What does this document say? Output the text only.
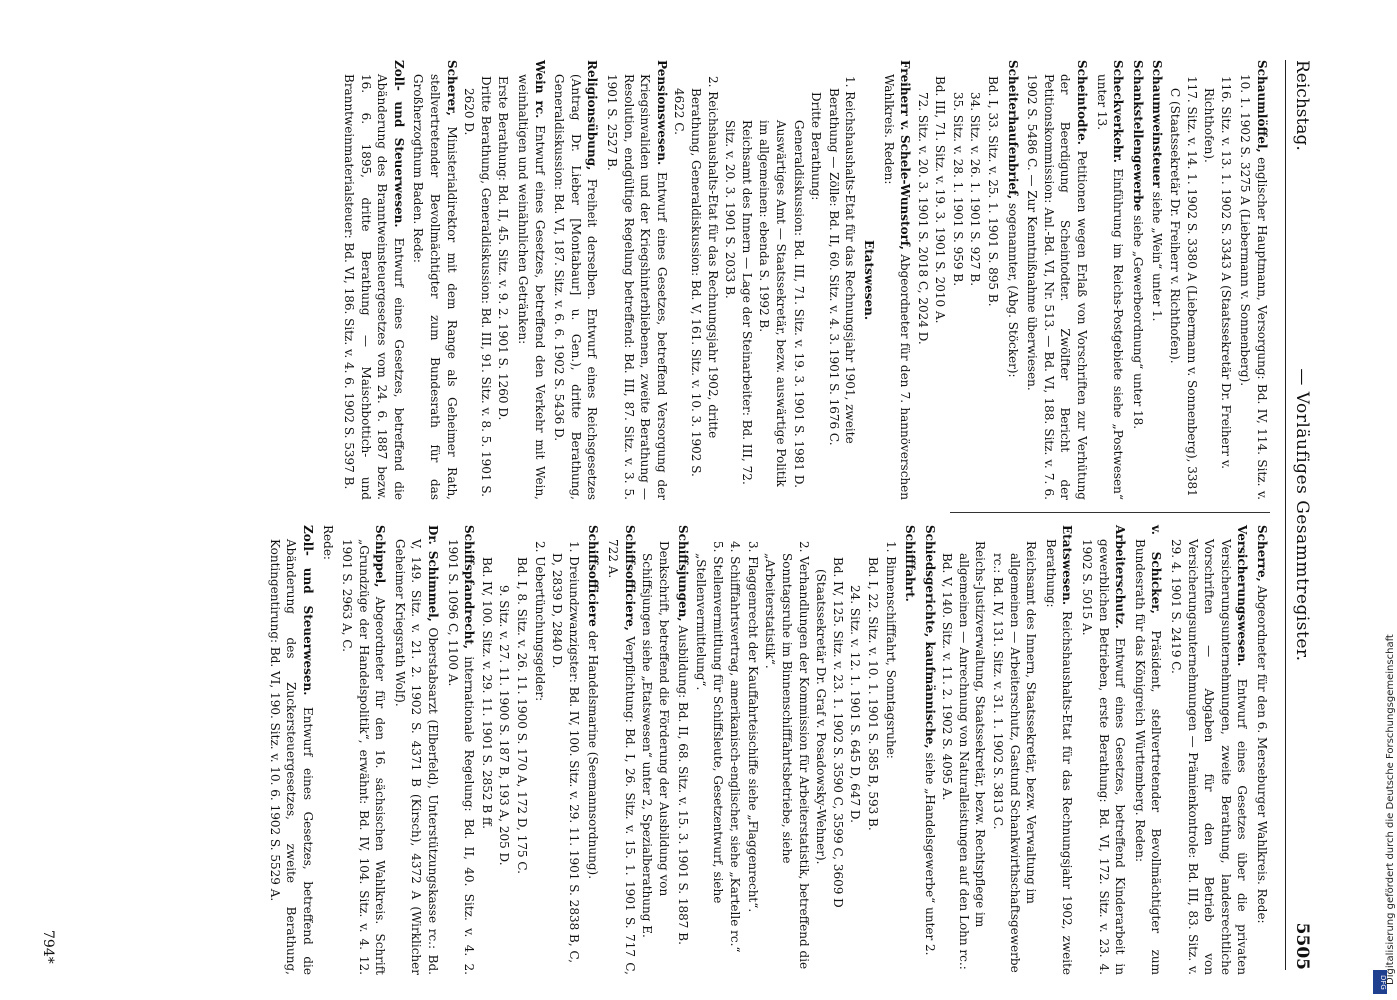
Reichstag.
— Vorläufiges Gesammtregister.
5505
Schaumlöffel, englischer Hauptmann, Versorgung: Bd. IV, 114. Sitz. v. 10. 1. 1902 S. 3275 A (Liebermann v. Sonnenberg).
116. Sitz. v. 13. 1. 1902 S. 3343 A (Staatssekretär Dr. Freiherr v. Richthofen).
117. Sitz. v. 14. 1. 1902 S. 3380 A (Liebermann v. Sonnenberg), 3381 C (Staatssekretär Dr. Freiherr v. Richthofen).
Schaumweinsteuer siehe „Wein“ unter 1.
Schankstellengewerbe siehe „Gewerbeordnung“ unter 18.
Scheckverkehr. Einführung im Reichs-Postgebiete siehe „Postwesen“ unter 13.
Scheintodte. Petitionen wegen Erlaß von Vorschriften zur Verhütung der Beerdigung Scheintodter. Zwölfter Bericht der Petitionskommission: Anl.-Bd. VI, Nr. 513. — Bd. VI, 188. Sitz. v. 7. 6. 1902 S. 5486 C. — Zur Kenntnißnahme überwiesen.
Scheiterhaufenbrief, sogenannter, (Abg. Stöcker):
Bd. I, 33. Sitz. v. 25. 1. 1901 S. 895 B.
34. Sitz. v. 26. 1. 1901 S. 927 B.
35. Sitz. v. 28. 1. 1901 S. 959 B.
Bd. III, 71. Sitz. v. 19. 3. 1901 S. 2010 A.
72. Sitz. v. 20. 3. 1901 S. 2018 C, 2024 D.
Freiherr v. Schele-Wunstorf, Abgeordneter für den 7. hannöverschen Wahlkreis. Reden:
Etatswesen.
1. Reichshaushalts-Etat für das Rechnungsjahr 1901, zweite Berathung — Zölle: Bd. II, 60. Sitz. v. 4. 3. 1901 S. 1676 C.
Dritte Berathung:
Generaldiskussion: Bd. III, 71. Sitz. v. 19. 3. 1901 S. 1981 D.
Auswärtiges Amt — Staatssekretär, bezw. auswärtige Politik im allgemeinen: ebenda S. 1992 B.
Reichsamt des Innern — Lage der Steinarbeiter: Bd. III, 72. Sitz. v. 20. 3. 1901 S. 2033 B.
2. Reichshaushalts-Etat für das Rechnungsjahr 1902, dritte Berathung, Generaldiskussion: Bd. V, 161. Sitz. v. 10. 3. 1902 S. 4622 C.
Pensionswesen. Entwurf eines Gesetzes, betreffend Versorgung der Kriegsinvaliden und der Kriegshinterbliebenen, zweite Berathung — Resolution, endgültige Regelung betreffend: Bd. III, 87. Sitz. v. 3. 5. 1901 S. 2527 B.
Religionsübung, Freiheit derselben. Entwurf eines Reichsgesetzes (Antrag Dr. Lieber [Montabaur] u. Gen.), dritte Berathung, Generaldiskussion: Bd. VI, 187. Sitz. v. 6. 6. 1902 S. 5436 D.
Wein rc. Entwurf eines Gesetzes, betreffend den Verkehr mit Wein, weinhaltigen und weinähnlichen Getränken:
Erste Berathung: Bd. II, 45. Sitz. v. 9. 2. 1901 S. 1260 D.
Dritte Berathung, Generaldiskussion: Bd. III, 91. Sitz. v. 8. 5. 1901 S. 2620 D.
Scherer, Ministerialdirektor mit dem Range als Geheimer Rath, stellvertretender Bevollmächtigter zum Bundesrath für das Großherzogthum Baden. Rede:
Zoll- und Steuerwesen. Entwurf eines Gesetzes, betreffend die Abänderung des Branntweinsteuergesetzes vom 24. 6. 1887 bezw. 16. 6. 1895, dritte Berathung — Maischbottich- und Branntweinmaterialsteuer: Bd. VI, 186. Sitz. v. 4. 6. 1902 S. 5397 B.
Scherre, Abgeordneter für den 6. Merseburger Wahlkreis. Rede:
Versicherungswesen. Entwurf eines Gesetzes über die privaten Versicherungsunternehmungen, zweite Berathung, landesrechtliche Vorschriften — Abgaben für den Betrieb von Versicherungsunternehmungen — Prämienkontrole: Bd. III, 83. Sitz. v. 29. 4. 1901 S. 2419 C.
v. Schicker, Präsident, stellvertretender Bevollmächtigter zum Bundesrath für das Königreich Württemberg. Reden:
Arbeiterschutz. Entwurf eines Gesetzes, betreffend Kinderarbeit in gewerblichen Betrieben, erste Berathung: Bd. VI, 172. Sitz. v. 23. 4. 1902 S. 5015 A.
Etatswesen. Reichshaushalts-Etat für das Rechnungsjahr 1902, zweite Berathung:
Reichsamt des Innern, Staatssekretär, bezw. Verwaltung im allgemeinen — Arbeiterschutz, Gastund Schankwirthschaftsgewerbe rc.: Bd. IV, 131. Sitz. v. 31. 1. 1902 S. 3813 C.
Reichs-Justizverwaltung, Staatssekretär, bezw. Rechtspflege im allgemeinen — Anrechnung von Naturalleistungen auf den Lohn rc.: Bd. V, 140. Sitz. v. 11. 2. 1902 S. 4095 A.
Schiedsgerichte, kaufmännische, siehe „Handelsgewerbe“ unter 2.
Schifffahrt.
1. Binnenschifffahrt, Sonntagsruhe:
Bd. I, 22. Sitz. v. 10. 1. 1901 S. 585 B, 593 B.
24. Sitz. v. 12. 1. 1901 S. 645 D, 647 D.
Bd. IV, 125. Sitz. v. 23. 1. 1902 S. 3590 C, 3599 C, 3609 D (Staatssekretär Dr. Graf v. Posadowsky-Wehner).
2. Verhandlungen der Kommission für Arbeiterstatistik, betreffend die Sonntagsruhe im Binnenschifffahrtsbetriebe, siehe „Arbeiterstatistik“.
3. Flaggenrecht der Kauffahrteischiffe siehe „Flaggenrecht“.
4. Schifffahrtsvertrag, amerikanisch-englischer, siehe „Kartelle rc.“
5. Stellenvermittlung für Schiffsleute, Gesetzentwurf, siehe „Stellenvermittelung“.
Schiffsjungen, Ausbildung: Bd. II, 68. Sitz. v. 15. 3. 1901 S. 1887 B.
Denkschrift, betreffend die Förderung der Ausbildung von Schiffsjungen siehe „Etatswesen“ unter 2, Spezialberathung E.
Schiffsofficiere, Verpflichtung: Bd. I, 26. Sitz. v. 15. 1. 1901 S. 717 C, 722 A.
Schiffsofficiere der Handelsmarine (Seemannsordnung).
1. Dreiundzwanzigster: Bd. IV, 100. Sitz. v. 29. 11. 1901 S. 2838 B, C, D, 2839 D, 2840 D.
2. Uebertünchungsgelder:
Bd. I, 8. Sitz. v. 26. 11. 1900 S. 170 A, 172 D, 175 C.
9. Sitz. v. 27. 11. 1900 S. 187 B, 193 A, 205 D.
Bd. IV, 100. Sitz. v. 29. 11. 1901 S. 2852 B ff.
Schiffspfandrecht, internationale Regelung: Bd. II, 40. Sitz. v. 4. 2. 1901 S. 1096 C, 1100 A.
Dr. Schimmel, Oberstabsarzt (Elberfeld), Unterstützungskasse rc.: Bd. V, 149. Sitz. v. 21. 2. 1902 S. 4371 B (Kirsch), 4372 A (Wirklicher Geheimer Kriegsrath Wolf).
Schippel, Abgeordneter für den 16. sächsischen Wahlkreis. Schrift „Grundzüge der Handelspolitik“, erwähnt: Bd. IV, 104. Sitz. v. 4. 12. 1901 S. 2963 A, C.
Rede:
Zoll- und Steuerwesen. Entwurf eines Gesetzes, betreffend die Abänderung des Zuckersteuergesetzes, zweite Berathung, Kontingentirung: Bd. VI, 190. Sitz. v. 10. 6. 1902 S. 5529 A.
794*
DFG
Digitalisierung gefördert durch die Deutsche Forschungsgemeinschaft
